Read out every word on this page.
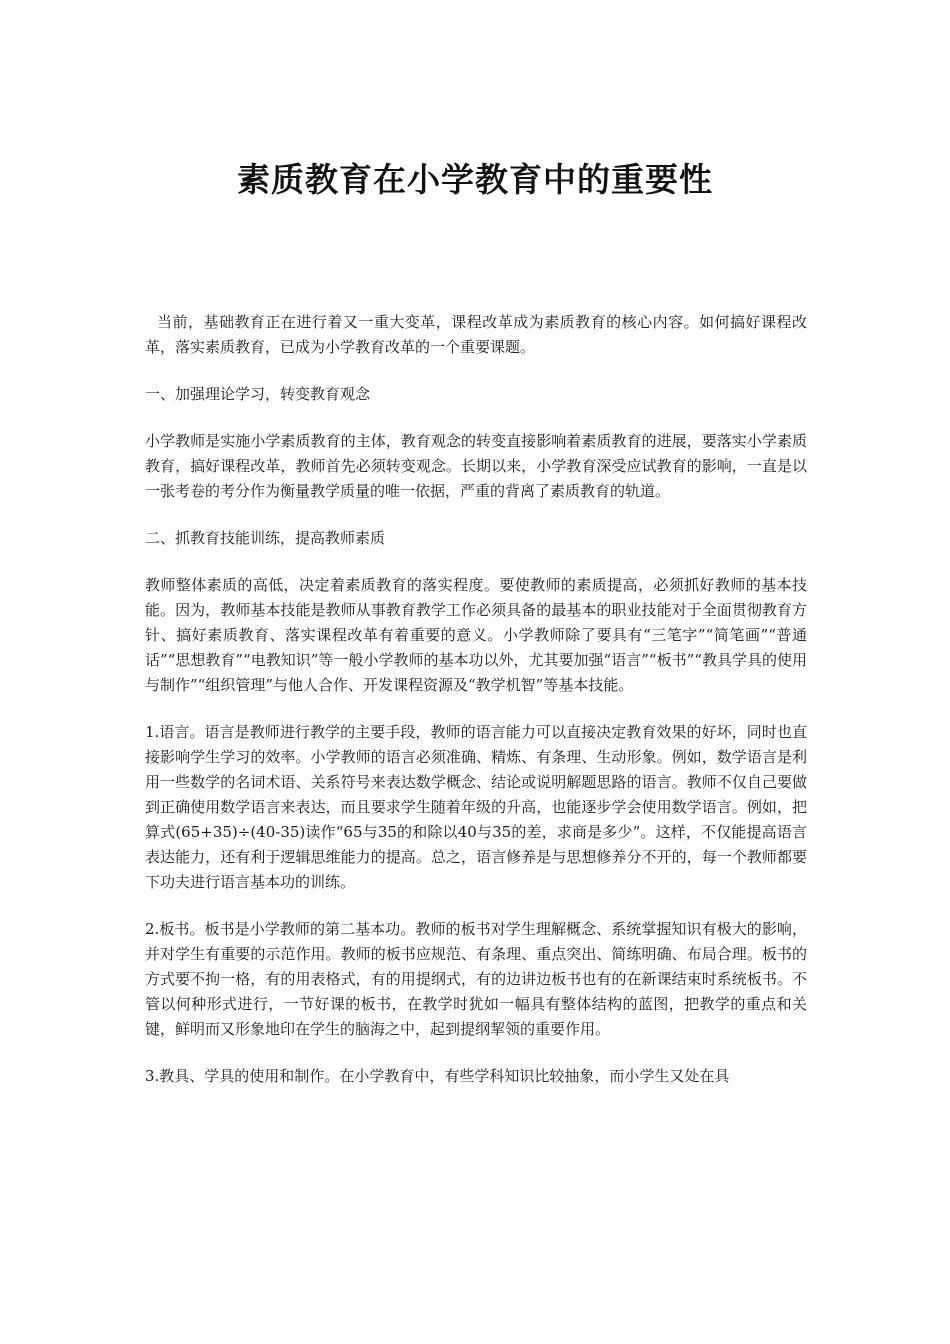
素质教育在小学教育中的重要性

当前，基础教育正在进行着又一重大变革，课程改革成为素质教育的核心内容。如何搞好课程改革，落实素质教育，已成为小学教育改革的一个重要课题。

一、加强理论学习，转变教育观念

小学教师是实施小学素质教育的主体，教育观念的转变直接影响着素质教育的进展，要落实小学素质教育，搞好课程改革，教师首先必须转变观念。长期以来，小学教育深受应试教育的影响，一直是以一张考卷的考分作为衡量教学质量的唯一依据，严重的背离了素质教育的轨道。

二、抓教育技能训练，提高教师素质

教师整体素质的高低，决定着素质教育的落实程度。要使教师的素质提高，必须抓好教师的基本技能。因为，教师基本技能是教师从事教育教学工作必须具备的最基本的职业技能对于全面贯彻教育方针、搞好素质教育、落实课程改革有着重要的意义。小学教师除了要具有“三笔字”“简笔画”“普通话”“思想教育”“电教知识”等一般小学教师的基本功以外，尤其要加强“语言”“板书”“教具学具的使用与制作”“组织管理”与他人合作、开发课程资源及“教学机智”等基本技能。

1.语言。语言是教师进行教学的主要手段，教师的语言能力可以直接决定教育效果的好坏，同时也直接影响学生学习的效率。小学教师的语言必须准确、精炼、有条理、生动形象。例如，数学语言是利用一些数学的名词术语、关系符号来表达数学概念、结论或说明解题思路的语言。教师不仅自己要做到正确使用数学语言来表达，而且要求学生随着年级的升高，也能逐步学会使用数学语言。例如，把算式(65+35)÷(40-35)读作“65与35的和除以40与35的差，求商是多少”。这样，不仅能提高语言表达能力，还有利于逻辑思维能力的提高。总之，语言修养是与思想修养分不开的，每一个教师都要下功夫进行语言基本功的训练。

2.板书。板书是小学教师的第二基本功。教师的板书对学生理解概念、系统掌握知识有极大的影响，并对学生有重要的示范作用。教师的板书应规范、有条理、重点突出、简练明确、布局合理。板书的方式要不拘一格，有的用表格式，有的用提纲式，有的边讲边板书也有的在新课结束时系统板书。不管以何种形式进行，一节好课的板书，在教学时犹如一幅具有整体结构的蓝图，把教学的重点和关键，鲜明而又形象地印在学生的脑海之中，起到提纲挈领的重要作用。

3.教具、学具的使用和制作。在小学教育中，有些学科知识比较抽象，而小学生又处在具
